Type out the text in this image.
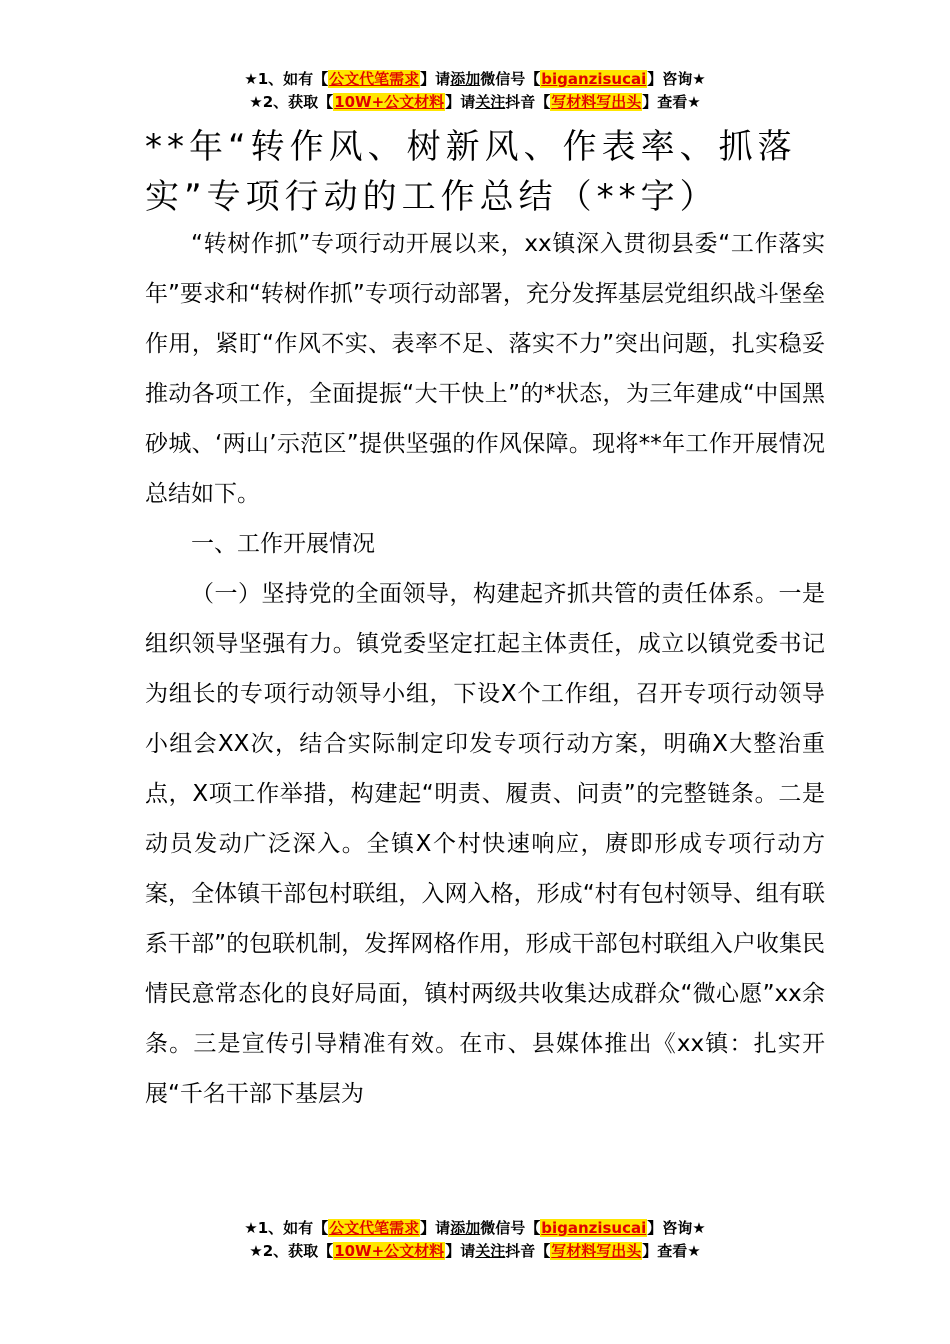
★1、如有【公文代笔需求】请添加微信号【biganzisucai】咨询★
★2、获取【10W+公文材料】请关注抖音【写材料写出头】查看★
**年“转作风、树新风、作表率、抓落实”专项行动的工作总结（**字）

“转树作抓”专项行动开展以来，xx镇深入贯彻县委“工作落实年”要求和“转树作抓”专项行动部署，充分发挥基层党组织战斗堡垒作用，紧盯“作风不实、表率不足、落实不力”突出问题，扎实稳妥推动各项工作，全面提振“大干快上”的*状态，为三年建成“中国黑砂城、‘两山’示范区”提供坚强的作风保障。现将**年工作开展情况总结如下。

一、工作开展情况

（一）坚持党的全面领导，构建起齐抓共管的责任体系。一是组织领导坚强有力。镇党委坚定扛起主体责任，成立以镇党委书记为组长的专项行动领导小组，下设X个工作组，召开专项行动领导小组会XX次，结合实际制定印发专项行动方案，明确X大整治重点，X项工作举措，构建起“明责、履责、问责”的完整链条。二是动员发动广泛深入。全镇X个村快速响应，赓即形成专项行动方案，全体镇干部包村联组，入网入格，形成“村有包村领导、组有联系干部”的包联机制，发挥网格作用，形成干部包村联组入户收集民情民意常态化的良好局面，镇村两级共收集达成群众“微心愿”xx余条。三是宣传引导精准有效。在市、县媒体推出《xx镇：扎实开展“千名干部下基层为

★1、如有【公文代笔需求】请添加微信号【biganzisucai】咨询★
★2、获取【10W+公文材料】请关注抖音【写材料写出头】查看★
